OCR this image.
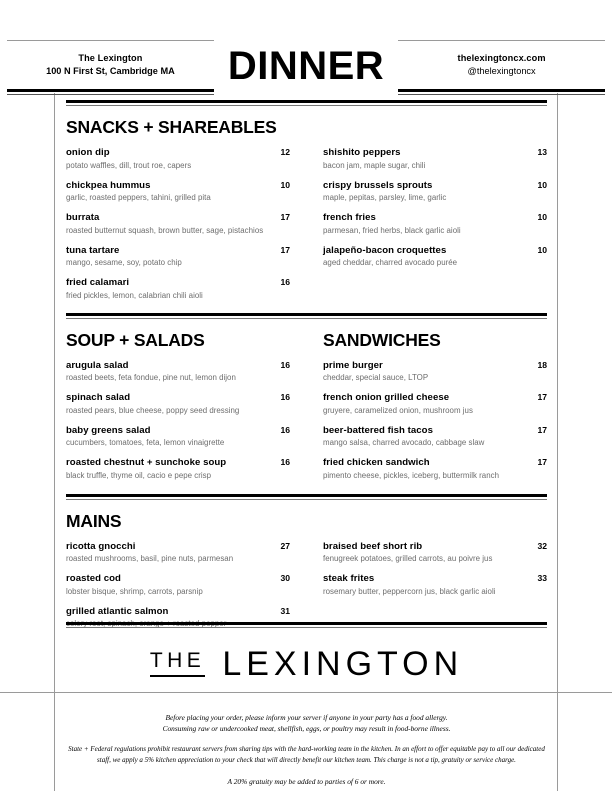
The Lexington
100 N First St, Cambridge MA	DINNER	thelexingtoncx.com
@thelexingtoncx
SNACKS + SHAREABLES
onion dip	12
potato waffles, dill, trout roe, capers
chickpea hummus	10
garlic, roasted peppers, tahini, grilled pita
burrata	17
roasted butternut squash, brown butter, sage, pistachios
tuna tartare	17
mango, sesame, soy, potato chip
fried calamari	16
fried pickles, lemon, calabrian chili aioli
shishito peppers	13
bacon jam, maple sugar, chili
crispy brussels sprouts	10
maple, pepitas, parsley, lime, garlic
french fries	10
parmesan, fried herbs, black garlic aioli
jalapeño-bacon croquettes	10
aged cheddar, charred avocado purée
SOUP + SALADS
arugula salad	16
roasted beets, feta fondue, pine nut, lemon dijon
spinach salad	16
roasted pears, blue cheese, poppy seed dressing
baby greens salad	16
cucumbers, tomatoes, feta, lemon vinaigrette
roasted chestnut + sunchoke soup	16
black truffle, thyme oil, cacio e pepe crisp
SANDWICHES
prime burger	18
cheddar, special sauce, LTOP
french onion grilled cheese	17
gruyere, caramelized onion, mushroom jus
beer-battered fish tacos	17
mango salsa, charred avocado, cabbage slaw
fried chicken sandwich	17
pimento cheese, pickles, iceberg, buttermilk ranch
MAINS
ricotta gnocchi	27
roasted mushrooms, basil, pine nuts, parmesan
roasted cod	30
lobster bisque, shrimp, carrots, parsnip
grilled atlantic salmon	31
celery root, spinach, orange + roasted pepper
braised beef short rib	32
fenugreek potatoes, grilled carrots, au poivre jus
steak frites	33
rosemary butter, peppercorn jus, black garlic aioli
THE LEXINGTON
Before placing your order, please inform your server if anyone in your party has a food allergy.
Consuming raw or undercooked meat, shellfish, eggs, or poultry may result in food-borne illness.
State + Federal regulations prohibit restaurant servers from sharing tips with the hard-working team in the kitchen. In an effort to offer equitable pay to all our dedicated staff, we apply a 5% kitchen appreciation to your check that will directly benefit our kitchen team. This charge is not a tip, gratuity or service charge.
A 20% gratuity may be added to parties of 6 or more.
